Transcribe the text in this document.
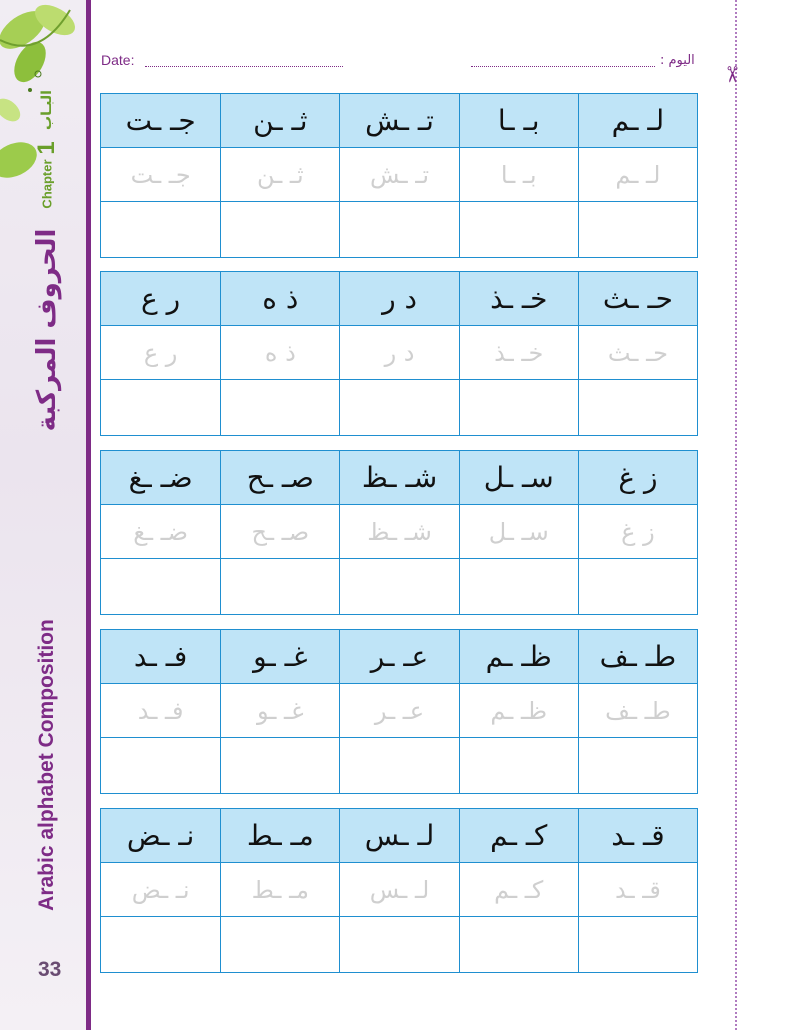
البـاب
1
Chapter
الحروف المركبة
Arabic alphabet Composition
33
Date:	اليوم :
✂
لـ ـم
بـ ـا
تـ ـش
ثـ ـن
جـ ـت
لـ ـم
بـ ـا
تـ ـش
ثـ ـن
جـ ـت
حـ ـث
خـ ـذ
د ر
ذ ه
ر ع
حـ ـث
خـ ـذ
د ر
ذ ه
ر ع
ز غ
سـ ـل
شـ ـظ
صـ ـح
ضـ ـغ
ز غ
سـ ـل
شـ ـظ
صـ ـح
ضـ ـغ
طـ ـف
ظـ ـم
عـ ـر
غـ ـو
فـ ـد
طـ ـف
ظـ ـم
عـ ـر
غـ ـو
فـ ـد
قـ ـد
كـ ـم
لـ ـس
مـ ـط
نـ ـض
قـ ـد
كـ ـم
لـ ـس
مـ ـط
نـ ـض
